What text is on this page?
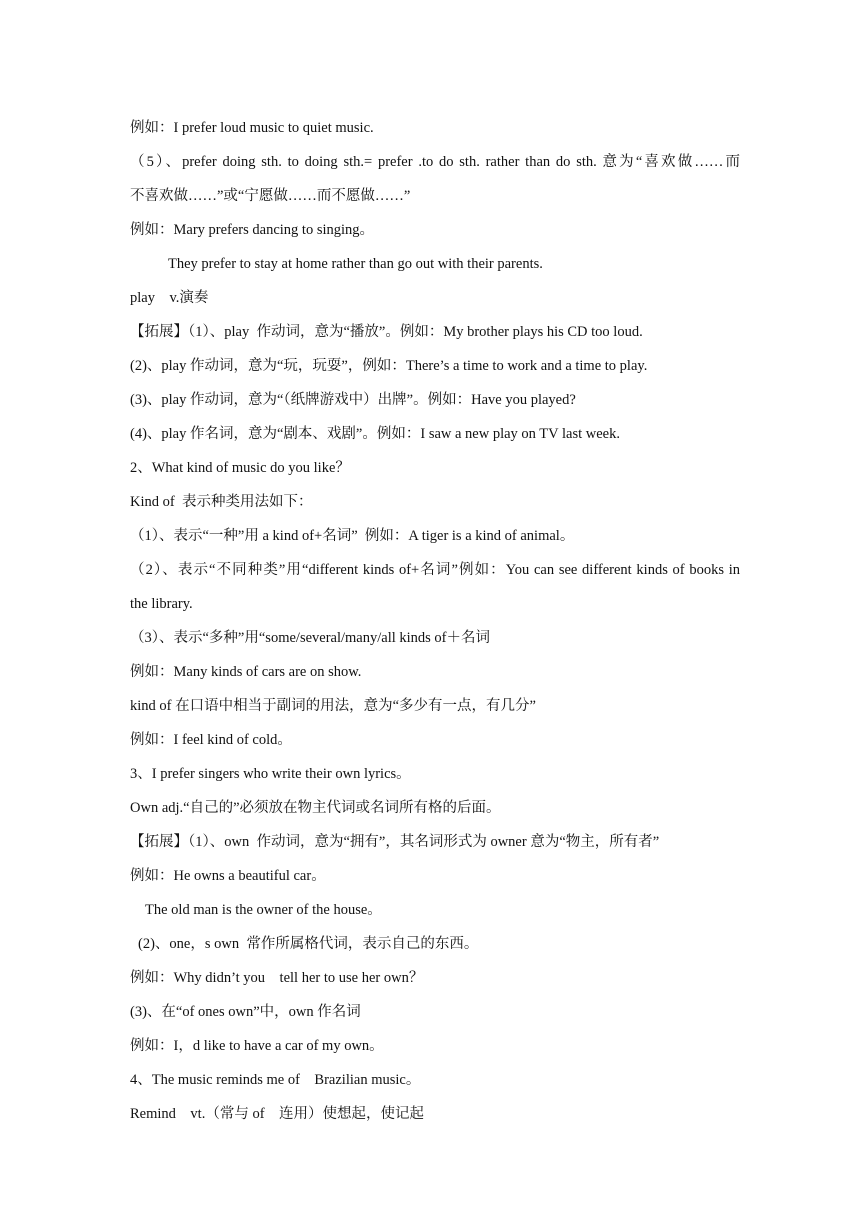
例如：I prefer loud music to quiet music.
（5）、prefer doing sth. to doing sth.= prefer .to do sth. rather than do sth. 意为“喜欢做……而
不喜欢做……”或“宁愿做……而不愿做……”
例如：Mary prefers dancing to singing。
They prefer to stay at home rather than go out with their parents.
play    v.演奏
【拓展】（1）、play  作动词，意为“播放”。例如：My brother plays his CD too loud.
(2)、play 作动词，意为“玩，玩耍”，例如：There’s a time to work and a time to play.
(3)、play 作动词，意为“（纸牌游戏中）出牌”。例如：Have you played?
(4)、play 作名词，意为“剧本、戏剧”。例如：I saw a new play on TV last week.
2、What kind of music do you like？
Kind of  表示种类用法如下：
（1）、表示“一种”用 a kind of+名词”  例如：A tiger is a kind of animal。
（2）、表示“不同种类”用“different kinds of+名词”例如：You can see different kinds of books in
the library.
（3）、表示“多种”用“some/several/many/all kinds of＋名词
例如：Many kinds of cars are on show.
kind of 在口语中相当于副词的用法，意为“多少有一点，有几分”
例如：I feel kind of cold。
3、I prefer singers who write their own lyrics。
Own adj.“自己的”必须放在物主代词或名词所有格的后面。
【拓展】（1）、own  作动词，意为“拥有”，其名词形式为 owner 意为“物主，所有者”
例如：He owns a beautiful car。
The old man is the owner of the house。
(2)、one，s own  常作所属格代词，表示自己的东西。
例如：Why didn’t you    tell her to use her own？
(3)、在“of ones own”中，own 作名词
例如：I，d like to have a car of my own。
4、The music reminds me of    Brazilian music。
Remind    vt.（常与 of    连用）使想起，使记起
